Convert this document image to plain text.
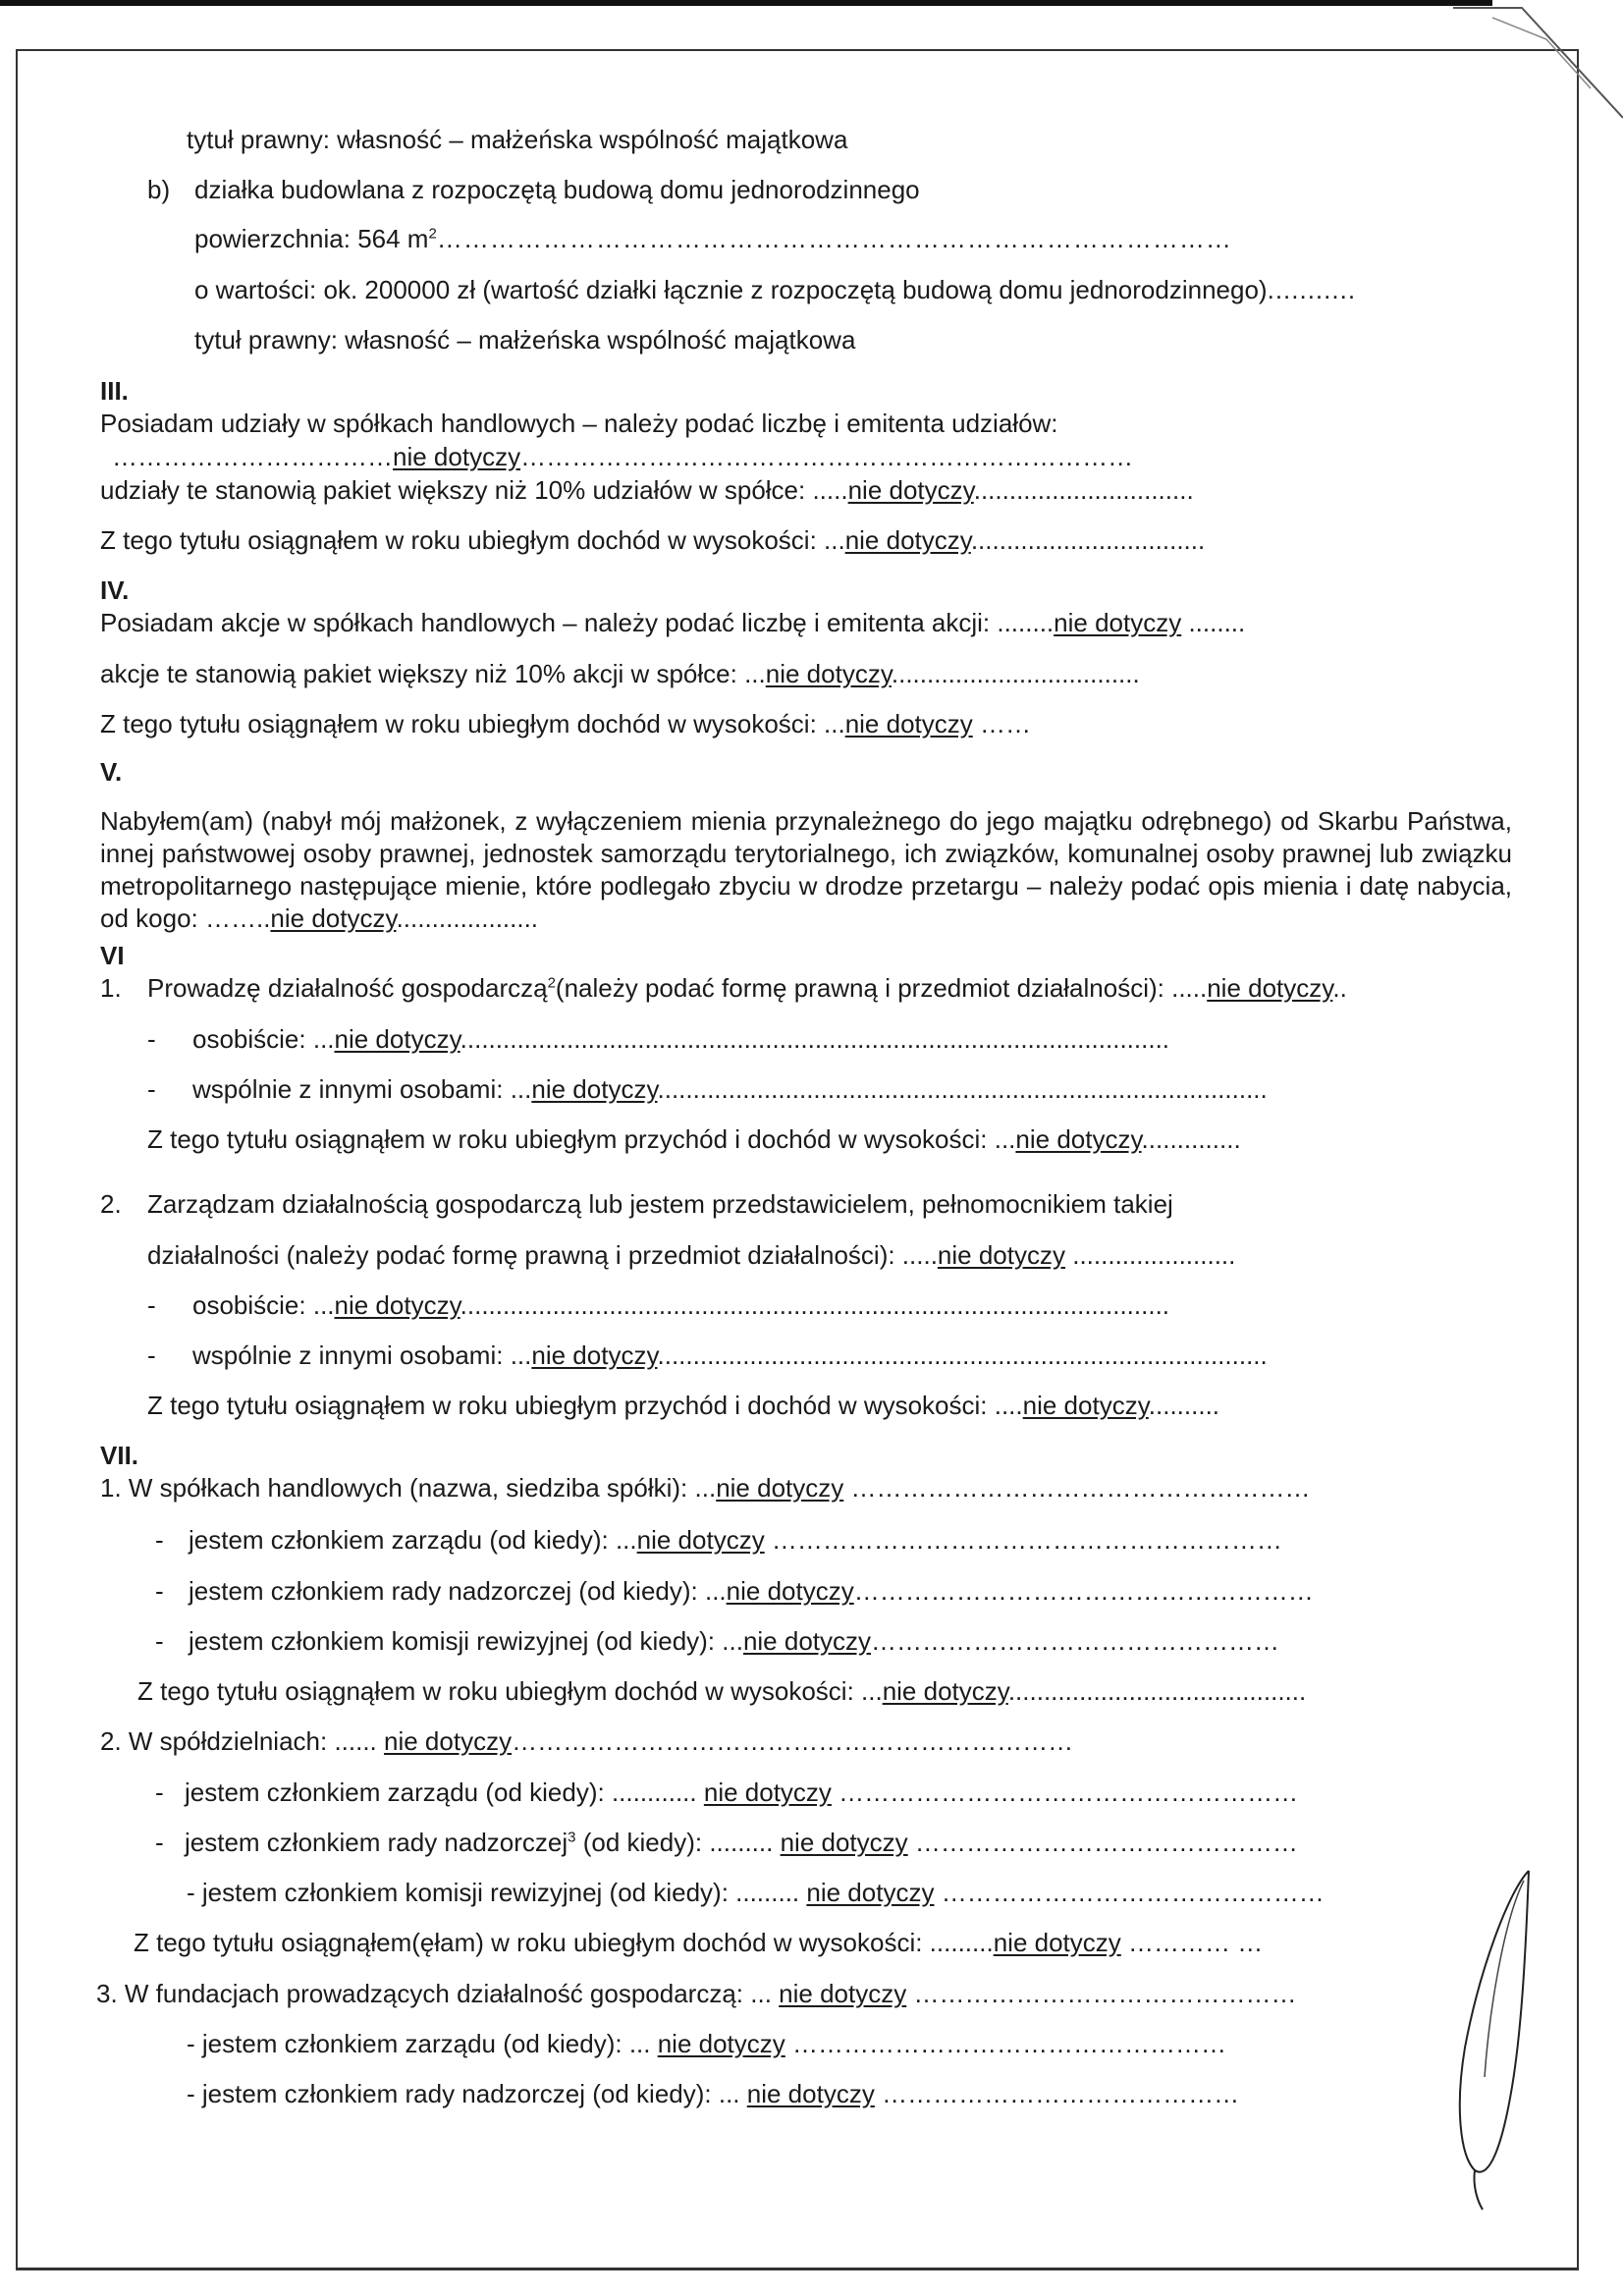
tytuł prawny: własność – małżeńska wspólność majątkowa
b) działka budowlana z rozpoczętą budową domu jednorodzinnego
powierzchnia: 564 $m^2\dots\dots\dots\dots\dots\dots\dots\dots\dots\dots\dots\dots\dots\dots\dots\dots\dots\dots\dots\dots\dots\dots\dots\dots\dots\dots\dots\dots\dots\dots$
o wartości: ok. 200000 zł (wartość działki łącznie z rozpoczętą budową domu jednorodzinnego)...........
tytuł prawny: własność – małżeńska wspólność majątkowa
III.
Posiadam udziały w spółkach handlowych – należy podać liczbę i emitenta udziałów:
……………………………nie dotyczy………………………………………………………………
udziały te stanowią pakiet większy niż 10% udziałów w spółce: .....nie dotyczy...............................
Z tego tytułu osiągnąłem w roku ubiegłym dochód w wysokości: ...nie dotyczy.................................
IV.
Posiadam akcje w spółkach handlowych – należy podać liczbę i emitenta akcji: ........nie dotyczy ........
akcje te stanowią pakiet większy niż 10% akcji w spółce: ...nie dotyczy...................................
Z tego tytułu osiągnąłem w roku ubiegłym dochód w wysokości: ...nie dotyczy ……
V.
Nabyłem(am) (nabył mój małżonek, z wyłączeniem mienia przynależnego do jego majątku odrębnego) od Skarbu Państwa, innej państwowej osoby prawnej, jednostek samorządu terytorialnego, ich związków, komunalnej osoby prawnej lub związku metropolitarnego następujące mienie, które podlegało zbyciu w drodze przetargu – należy podać opis mienia i datę nabycia, od kogo: ……..nie dotyczy....................
VI
1. Prowadzę działalność gospodarczą$^2$(należy podać formę prawną i przedmiot działalności): .....nie dotyczy..
- osobiście: ...nie dotyczy....................................................................................................
- wspólnie z innymi osobami: ...nie dotyczy......................................................................................
Z tego tytułu osiągnąłem w roku ubiegłym przychód i dochód w wysokości: ...nie dotyczy..............
2. Zarządzam działalnością gospodarczą lub jestem przedstawicielem, pełnomocnikiem takiej
działalności (należy podać formę prawną i przedmiot działalności): .....nie dotyczy .......................
- osobiście: ...nie dotyczy....................................................................................................
- wspólnie z innymi osobami: ...nie dotyczy......................................................................................
Z tego tytułu osiągnąłem w roku ubiegłym przychód i dochód w wysokości: ....nie dotyczy..........
VII.
1. W spółkach handlowych (nazwa, siedziba spółki): ...nie dotyczy ………………………………………………
- jestem członkiem zarządu (od kiedy): ...nie dotyczy ……………………………………………………
- jestem członkiem rady nadzorczej (od kiedy): ...nie dotyczy………………………………………………
- jestem członkiem komisji rewizyjnej (od kiedy): ...nie dotyczy…………………………………………
Z tego tytułu osiągnąłem w roku ubiegłym dochód w wysokości: ...nie dotyczy..........................................
2. W spółdzielniach: ...... nie dotyczy…………………………………………………………
- jestem członkiem zarządu (od kiedy): ............ nie dotyczy ………………………………………………
- jestem członkiem rady nadzorczej$^3$ (od kiedy): ......... nie dotyczy ………………………………………
- jestem członkiem komisji rewizyjnej (od kiedy): ......... nie dotyczy ………………………………………
Z tego tytułu osiągnąłem(ęłam) w roku ubiegłym dochód w wysokości: .........nie dotyczy ………… …
3. W fundacjach prowadzących działalność gospodarczą: ... nie dotyczy ………………………………………
- jestem członkiem zarządu (od kiedy): ... nie dotyczy ……………………………………………
- jestem członkiem rady nadzorczej (od kiedy): ... nie dotyczy ……………………………………
